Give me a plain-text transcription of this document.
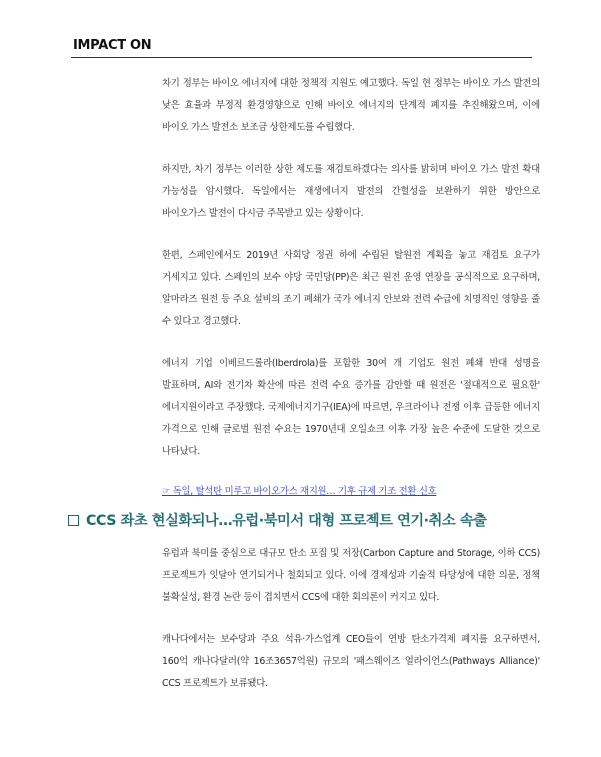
IMPACT ON

차기 정부는 바이오 에너지에 대한 정책적 지원도 예고했다. 독일 현 정부는 바이오 가스 발전의 낮은 효율과 부정적 환경영향으로 인해 바이오 에너지의 단계적 폐지를 추진해왔으며, 이에 바이오 가스 발전소 보조금 상한제도를 수립했다.

하지만, 차기 정부는 이러한 상한 제도를 재검토하겠다는 의사를 밝히며 바이오 가스 발전 확대 가능성을 암시했다. 독일에서는 재생에너지 발전의 간헐성을 보완하기 위한 방안으로 바이오가스 발전이 다시금 주목받고 있는 상황이다.

한편, 스페인에서도 2019년 사회당 정권 하에 수립된 탈원전 계획을 놓고 재검토 요구가 거세지고 있다. 스페인의 보수 야당 국민당(PP)은 최근 원전 운영 연장을 공식적으로 요구하며, 알마라즈 원전 등 주요 설비의 조기 폐쇄가 국가 에너지 안보와 전력 수급에 치명적인 영향을 줄 수 있다고 경고했다.

에너지 기업 이베르드롤라(Iberdrola)를 포함한 30여 개 기업도 원전 폐쇄 반대 성명을 발표하며, AI와 전기차 확산에 따른 전력 수요 증가를 감안할 때 원전은 '절대적으로 필요한' 에너지원이라고 주장했다. 국제에너지기구(IEA)에 따르면, 우크라이나 전쟁 이후 급등한 에너지 가격으로 인해 글로벌 원전 수요는 1970년대 오일쇼크 이후 가장 높은 수준에 도달한 것으로 나타났다.

☞ 독일, 탈석탄 미루고 바이오가스 재지원… 기후 규제 기조 전환 신호
CCS 좌초 현실화되나…유럽·북미서 대형 프로젝트 연기·취소 속출

유럽과 북미를 중심으로 대규모 탄소 포집 및 저장(Carbon Capture and Storage, 이하 CCS) 프로젝트가 잇달아 연기되거나 철회되고 있다. 이에 경제성과 기술적 타당성에 대한 의문, 정책 불확실성, 환경 논란 등이 겹치면서 CCS에 대한 회의론이 커지고 있다.

캐나다에서는 보수당과 주요 석유·가스업계 CEO들이 연방 탄소가격제 폐지를 요구하면서, 160억 캐나다달러(약 16조3657억원) 규모의 '패스웨이즈 얼라이언스(Pathways Alliance)' CCS 프로젝트가 보류됐다.
